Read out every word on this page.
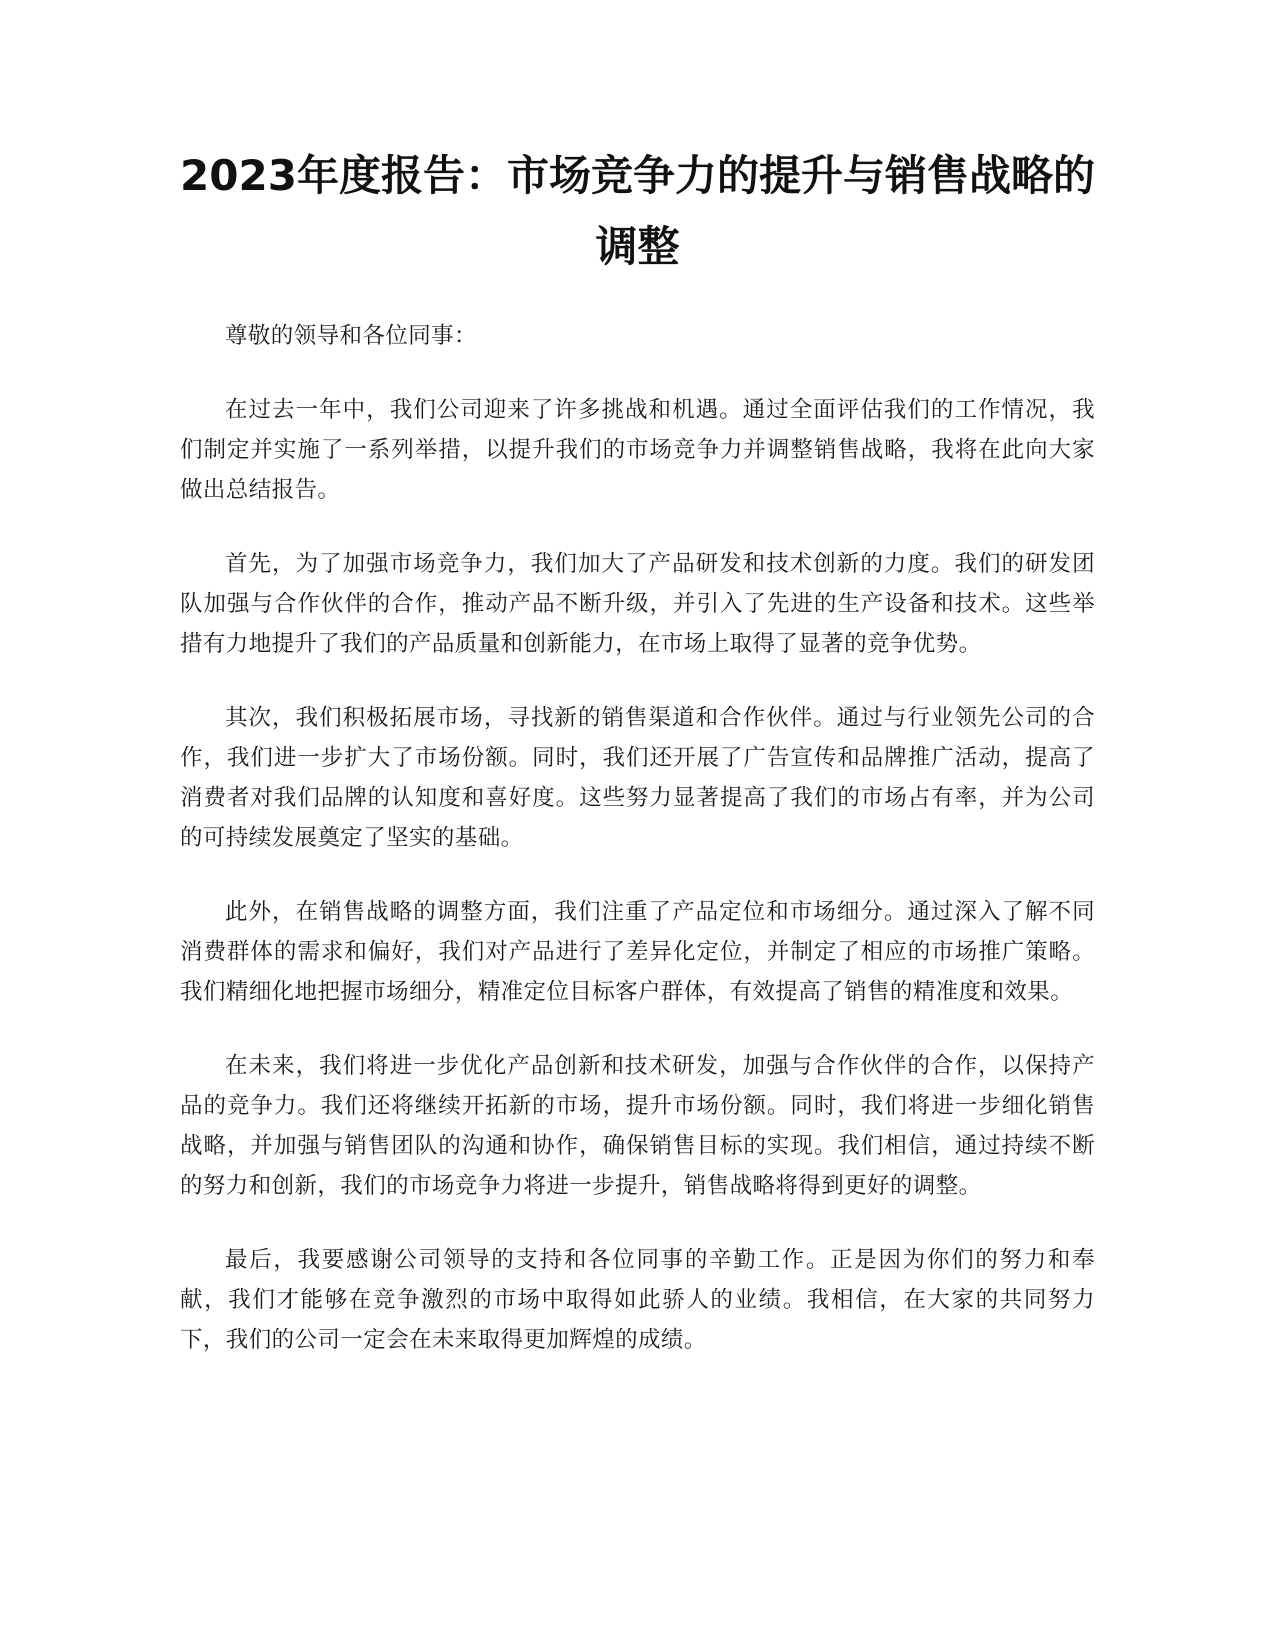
2023年度报告：市场竞争力的提升与销售战略的调整

尊敬的领导和各位同事：

在过去一年中，我们公司迎来了许多挑战和机遇。通过全面评估我们的工作情况，我们制定并实施了一系列举措，以提升我们的市场竞争力并调整销售战略，我将在此向大家做出总结报告。

首先，为了加强市场竞争力，我们加大了产品研发和技术创新的力度。我们的研发团队加强与合作伙伴的合作，推动产品不断升级，并引入了先进的生产设备和技术。这些举措有力地提升了我们的产品质量和创新能力，在市场上取得了显著的竞争优势。

其次，我们积极拓展市场，寻找新的销售渠道和合作伙伴。通过与行业领先公司的合作，我们进一步扩大了市场份额。同时，我们还开展了广告宣传和品牌推广活动，提高了消费者对我们品牌的认知度和喜好度。这些努力显著提高了我们的市场占有率，并为公司的可持续发展奠定了坚实的基础。

此外，在销售战略的调整方面，我们注重了产品定位和市场细分。通过深入了解不同消费群体的需求和偏好，我们对产品进行了差异化定位，并制定了相应的市场推广策略。我们精细化地把握市场细分，精准定位目标客户群体，有效提高了销售的精准度和效果。

在未来，我们将进一步优化产品创新和技术研发，加强与合作伙伴的合作，以保持产品的竞争力。我们还将继续开拓新的市场，提升市场份额。同时，我们将进一步细化销售战略，并加强与销售团队的沟通和协作，确保销售目标的实现。我们相信，通过持续不断的努力和创新，我们的市场竞争力将进一步提升，销售战略将得到更好的调整。

最后，我要感谢公司领导的支持和各位同事的辛勤工作。正是因为你们的努力和奉献，我们才能够在竞争激烈的市场中取得如此骄人的业绩。我相信，在大家的共同努力下，我们的公司一定会在未来取得更加辉煌的成绩。
